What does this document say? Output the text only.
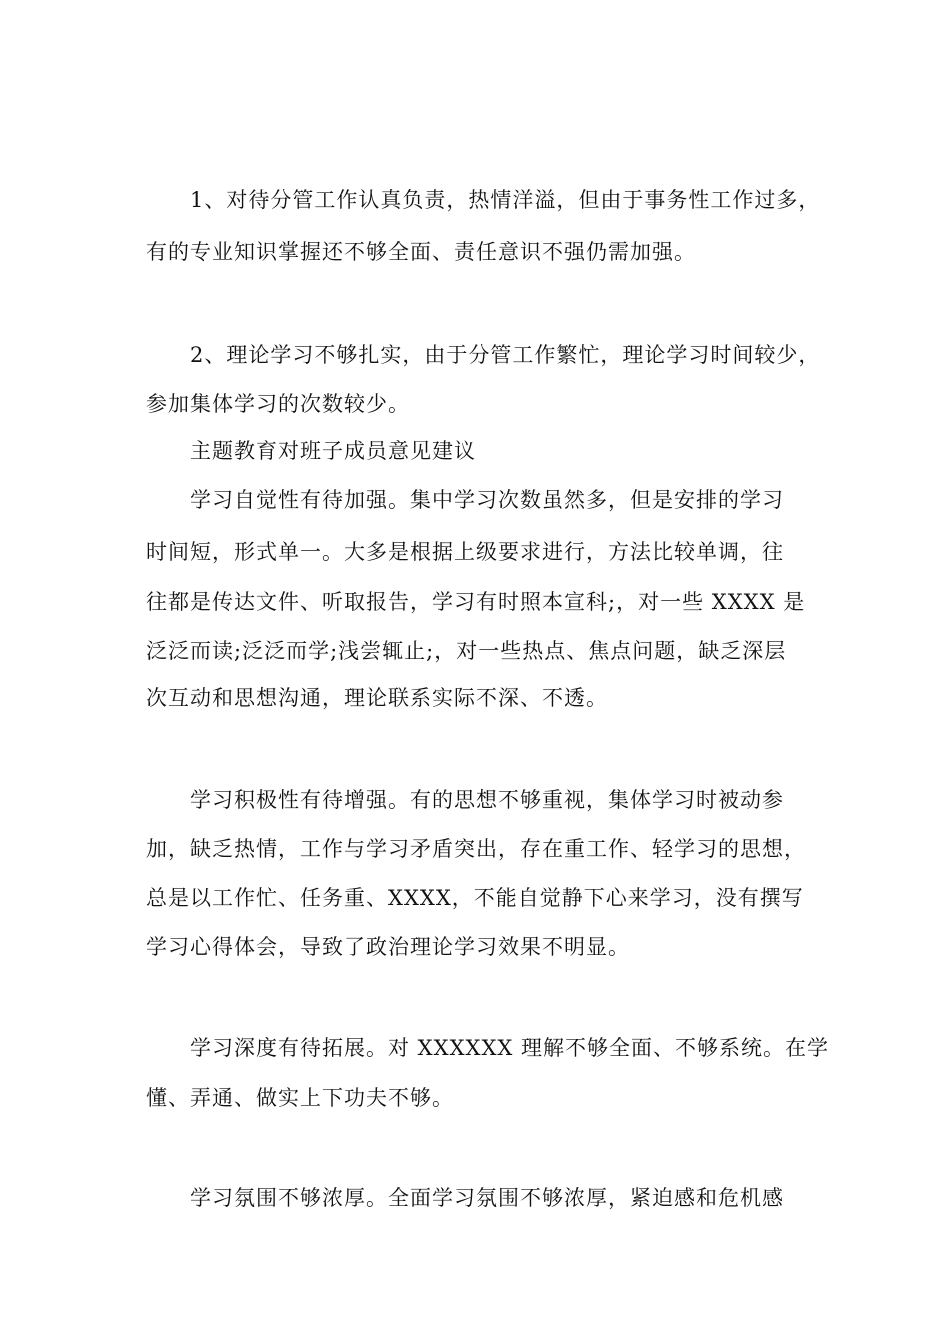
1、对待分管工作认真负责，热情洋溢，但由于事务性工作过多，
有的专业知识掌握还不够全面、责任意识不强仍需加强。
2、理论学习不够扎实，由于分管工作繁忙，理论学习时间较少，
参加集体学习的次数较少。
主题教育对班子成员意见建议
学习自觉性有待加强。集中学习次数虽然多，但是安排的学习
时间短，形式单一。大多是根据上级要求进行，方法比较单调，往
往都是传达文件、听取报告，学习有时照本宣科;，对一些 XXXX 是
泛泛而读;泛泛而学;浅尝辄止;，对一些热点、焦点问题，缺乏深层
次互动和思想沟通，理论联系实际不深、不透。
学习积极性有待增强。有的思想不够重视，集体学习时被动参
加，缺乏热情，工作与学习矛盾突出，存在重工作、轻学习的思想，
总是以工作忙、任务重、XXXX，不能自觉静下心来学习，没有撰写
学习心得体会，导致了政治理论学习效果不明显。
学习深度有待拓展。对 XXXXXX 理解不够全面、不够系统。在学
懂、弄通、做实上下功夫不够。
学习氛围不够浓厚。全面学习氛围不够浓厚，紧迫感和危机感
